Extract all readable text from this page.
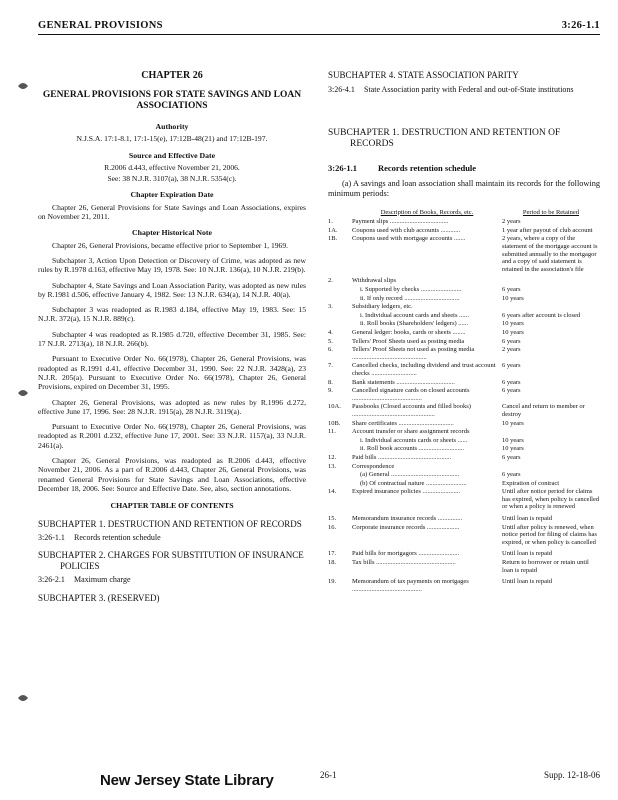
GENERAL PROVISIONS	3:26-1.1
CHAPTER 26
GENERAL PROVISIONS FOR STATE SAVINGS AND LOAN ASSOCIATIONS
Authority
N.J.S.A. 17:1-8.1, 17:1-15(e), 17:12B-48(21) and 17:12B-197.
Source and Effective Date
R.2006 d.443, effective November 21, 2006.
See: 38 N.J.R. 3107(a), 38 N.J.R. 5354(c).
Chapter Expiration Date

Chapter 26, General Provisions for State Savings and Loan Associations, expires on November 21, 2011.

Chapter Historical Note

Chapter 26, General Provisions, became effective prior to September 1, 1969.

Subchapter 3, Action Upon Detection or Discovery of Crime, was adopted as new rules by R.1978 d.163, effective May 19, 1978. See: 10 N.J.R. 136(a), 10 N.J.R. 219(b).

Subchapter 4, State Savings and Loan Association Parity, was adopted as new rules by R.1981 d.506, effective January 4, 1982. See: 13 N.J.R. 634(a), 14 N.J.R. 40(a).

Subchapter 3 was readopted as R.1983 d.184, effective May 19, 1983. See: 15 N.J.R. 372(a), 15 N.J.R. 889(c).

Subchapter 4 was readopted as R.1985 d.720, effective December 31, 1985. See: 17 N.J.R. 2713(a), 18 N.J.R. 266(b).

Pursuant to Executive Order No. 66(1978), Chapter 26, General Provisions, was readopted as R.1991 d.41, effective December 31, 1990. See: 22 N.J.R. 3428(a), 23 N.J.R. 205(a). Pursuant to Executive Order No. 66(1978), Chapter 26, General Provisions, expired on December 31, 1995.

Chapter 26, General Provisions, was adopted as new rules by R.1996 d.272, effective June 17, 1996. See: 28 N.J.R. 1915(a), 28 N.J.R. 3119(a).

Pursuant to Executive Order No. 66(1978), Chapter 26, General Provisions, was readopted as R.2001 d.232, effective June 17, 2001. See: 33 N.J.R. 1157(a), 33 N.J.R. 2461(a).

Chapter 26, General Provisions, was readopted as R.2006 d.443, effective November 21, 2006. As a part of R.2006 d.443, Chapter 26, General Provisions, was renamed General Provisions for State Savings and Loan Associations, effective December 18, 2006. See: Source and Effective Date. See, also, section annotations.

CHAPTER TABLE OF CONTENTS
SUBCHAPTER 1. DESTRUCTION AND RETENTION OF RECORDS
3:26-1.1 Records retention schedule
SUBCHAPTER 2. CHARGES FOR SUBSTITUTION OF INSURANCE POLICIES
3:26-2.1 Maximum charge
SUBCHAPTER 3. (RESERVED)
SUBCHAPTER 4. STATE ASSOCIATION PARITY
3:26-4.1 State Association parity with Federal and out-of-State institutions
SUBCHAPTER 1. DESTRUCTION AND RETENTION OF RECORDS
3:26-1.1 Records retention schedule
(a) A savings and loan association shall maintain its records for the following minimum periods:
	Description of Books, Records, etc.	Period to be Retained
1.	Payment slips ....................................	2 years
1A.	Coupons used with club accounts ............	1 year after payout of club account
1B.	Coupons used with mortgage accounts .......	2 years, where a copy of the statement of the mortgage account is submitted annually to the mortgagor and a copy of said statement is retained in the association's file
2.	Withdrawal slips	
	i. Supported by checks .........................	6 years
	ii. If only record ..................................	10 years
3.	Subsidiary ledgers, etc.	
	i. Individual account cards and sheets ......	6 years after account is closed
	ii. Roll books (Shareholders' ledgers) ......	10 years
4.	General ledger: books, cards or sheets ........	10 years
5.	Tellers' Proof Sheets used as posting media	6 years
6.	Tellers' Proof Sheets not used as posting media ..............................................	2 years
7.	Cancelled checks, including dividend and trust account checks ............................	6 years
8.	Bank statements ....................................	6 years
9.	Cancelled signature cards on closed accounts ...........................................	6 years
10A.	Passbooks (Closed accounts and filled books) ...................................................	Cancel and return to member or destroy
10B.	Share certificates ..................................	10 years
11.	Account transfer or share assignment records	
	i. Individual accounts cards or sheets ......	10 years
	ii. Roll book accounts ............................	10 years
12.	Paid bills .............................................	6 years
13.	Correspondence	
	(a) General ..........................................	6 years
	(b) Of contractual nature .........................	Expiration of contract
14.	Expired insurance policies .......................	Until after notice period for claims has expired, when policy is cancelled or when a policy is renewed
15.	Memorandum insurance records ...............	Until loan is repaid
16.	Corporate insurance records ....................	Until after policy is renewed, when notice period for filing of claims has expired, or when policy is cancelled
17.	Paid bills for mortgagors .........................	Until loan is repaid
18.	Tax bills .................................................	Return to borrower or retain until loan is repaid
19.	Memorandum of tax payments on mortgages ...........................................	Until loan is repaid
New Jersey State Library	26-1	Supp. 12-18-06
